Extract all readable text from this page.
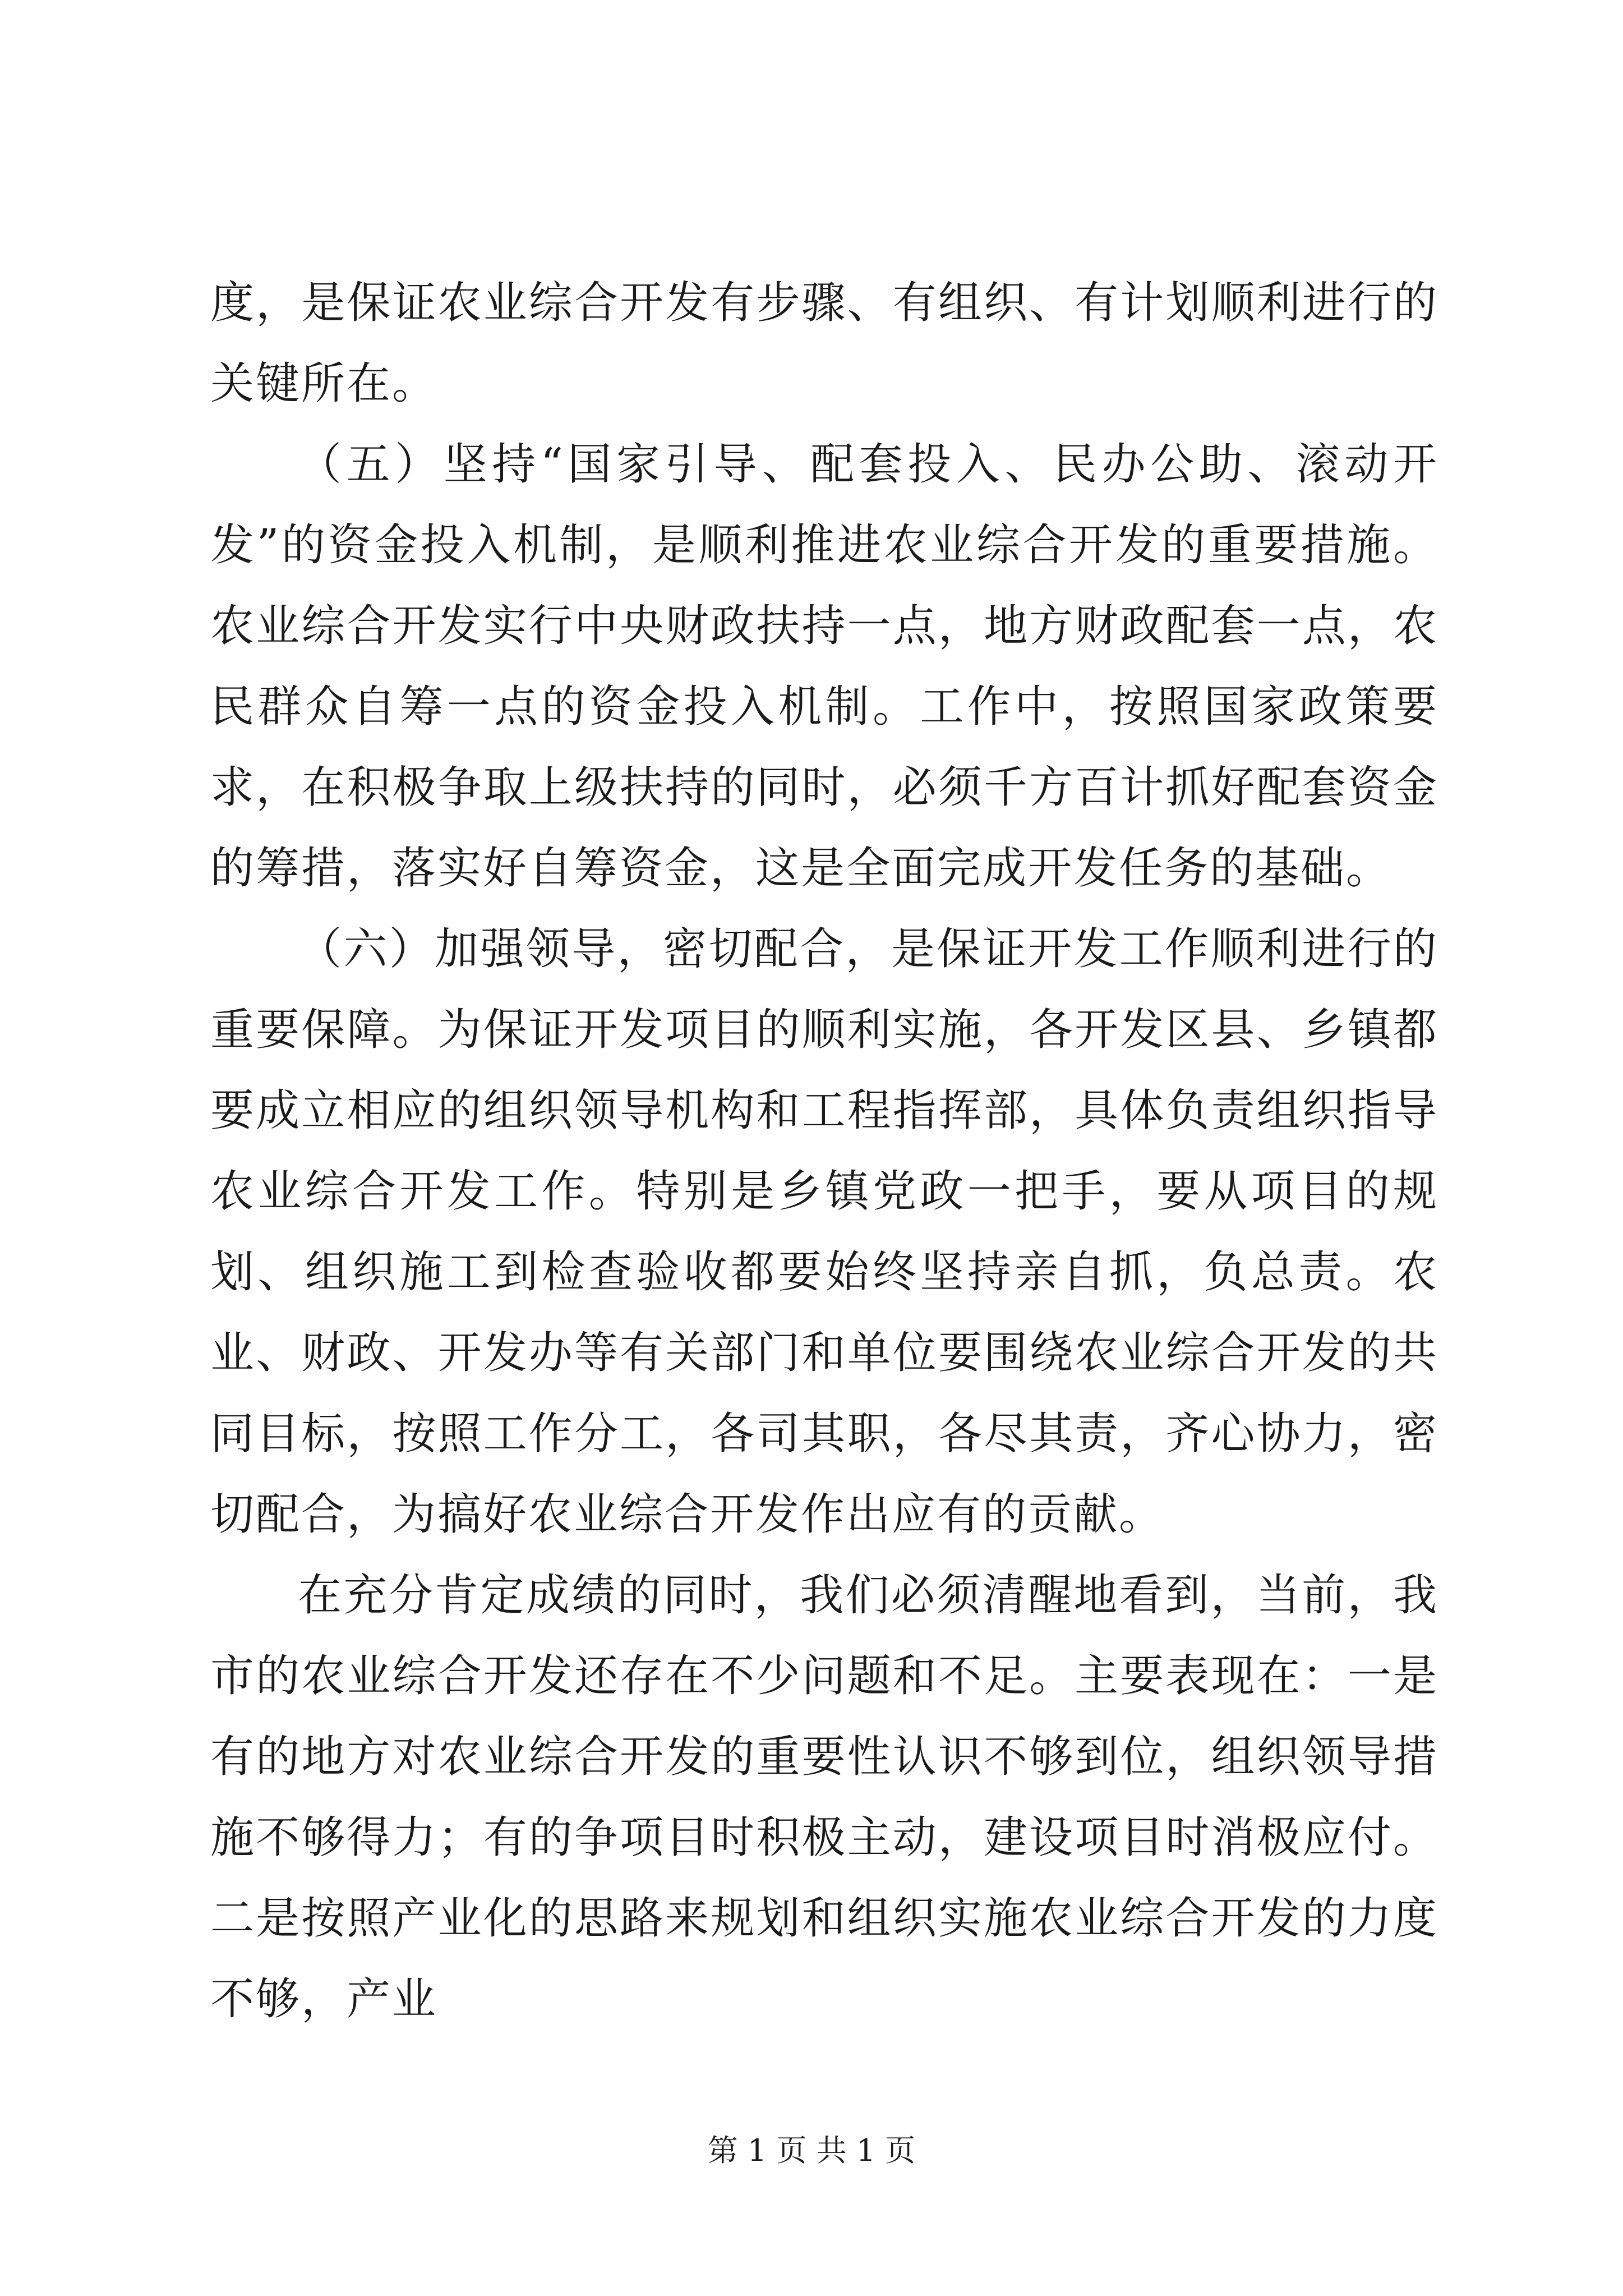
度，是保证农业综合开发有步骤、有组织、有计划顺利进行的关键所在。

（五）坚持“国家引导、配套投入、民办公助、滚动开发”的资金投入机制，是顺利推进农业综合开发的重要措施。农业综合开发实行中央财政扶持一点，地方财政配套一点，农民群众自筹一点的资金投入机制。工作中，按照国家政策要求，在积极争取上级扶持的同时，必须千方百计抓好配套资金的筹措，落实好自筹资金，这是全面完成开发任务的基础。

（六）加强领导，密切配合，是保证开发工作顺利进行的重要保障。为保证开发项目的顺利实施，各开发区县、乡镇都要成立相应的组织领导机构和工程指挥部，具体负责组织指导农业综合开发工作。特别是乡镇党政一把手，要从项目的规划、组织施工到检查验收都要始终坚持亲自抓，负总责。农业、财政、开发办等有关部门和单位要围绕农业综合开发的共同目标，按照工作分工，各司其职，各尽其责，齐心协力，密切配合，为搞好农业综合开发作出应有的贡献。

在充分肯定成绩的同时，我们必须清醒地看到，当前，我市的农业综合开发还存在不少问题和不足。主要表现在：一是有的地方对农业综合开发的重要性认识不够到位，组织领导措施不够得力；有的争项目时积极主动，建设项目时消极应付。二是按照产业化的思路来规划和组织实施农业综合开发的力度不够，产业

第 1 页 共 1 页
